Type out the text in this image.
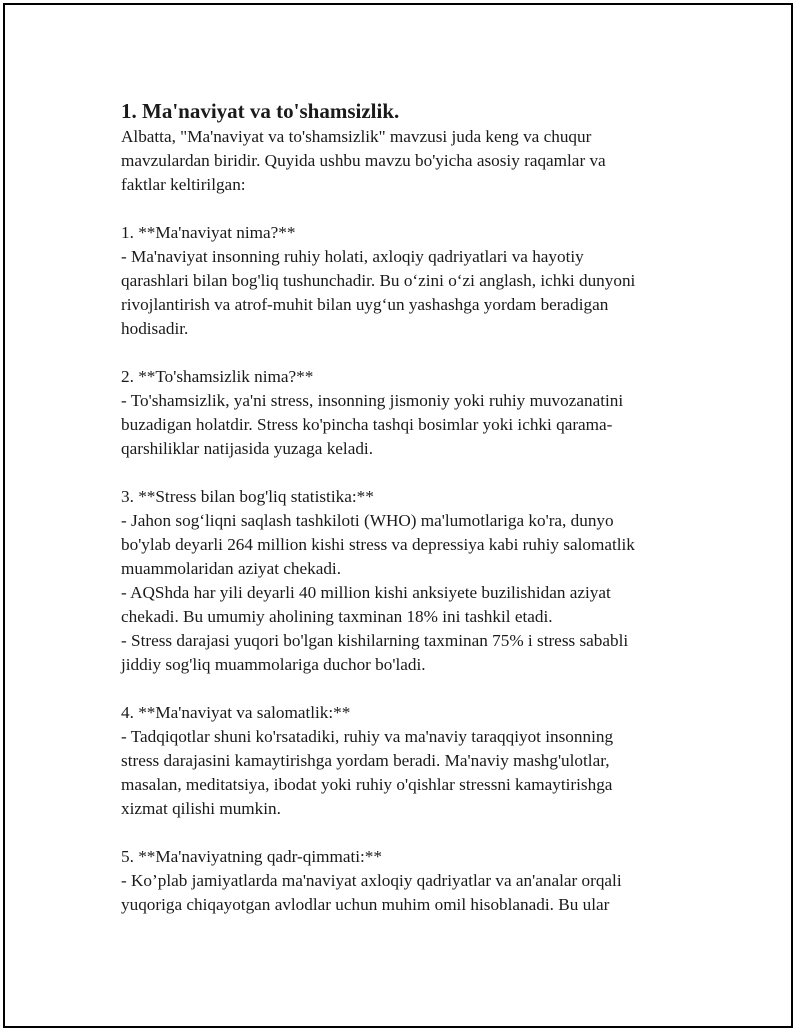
1. Ma'naviyat va to'shamsizlik.

Albatta, "Ma'naviyat va to'shamsizlik" mavzusi juda keng va chuqur
mavzulardan biridir. Quyida ushbu mavzu bo'yicha asosiy raqamlar va
faktlar keltirilgan:

1. **Ma'naviyat nima?**

- Ma'naviyat insonning ruhiy holati, axloqiy qadriyatlari va hayotiy
qarashlari bilan bog'liq tushunchadir. Bu o‘zini o‘zi anglash, ichki dunyoni
rivojlantirish va atrof-muhit bilan uyg‘un yashashga yordam beradigan
hodisadir.

2. **To'shamsizlik nima?**

- To'shamsizlik, ya'ni stress, insonning jismoniy yoki ruhiy muvozanatini
buzadigan holatdir. Stress ko'pincha tashqi bosimlar yoki ichki qarama-
qarshiliklar natijasida yuzaga keladi.

3. **Stress bilan bog'liq statistika:**

- Jahon sog‘liqni saqlash tashkiloti (WHO) ma'lumotlariga ko'ra, dunyo
bo'ylab deyarli 264 million kishi stress va depressiya kabi ruhiy salomatlik
muammolaridan aziyat chekadi.

- AQShda har yili deyarli 40 million kishi anksiyete buzilishidan aziyat
chekadi. Bu umumiy aholining taxminan 18% ini tashkil etadi.

- Stress darajasi yuqori bo'lgan kishilarning taxminan 75% i stress sababli
jiddiy sog'liq muammolariga duchor bo'ladi.

4. **Ma'naviyat va salomatlik:**

- Tadqiqotlar shuni ko'rsatadiki, ruhiy va ma'naviy taraqqiyot insonning
stress darajasini kamaytirishga yordam beradi. Ma'naviy mashg'ulotlar,
masalan, meditatsiya, ibodat yoki ruhiy o'qishlar stressni kamaytirishga
xizmat qilishi mumkin.

5. **Ma'naviyatning qadr-qimmati:**

- Ko’plab jamiyatlarda ma'naviyat axloqiy qadriyatlar va an'analar orqali
yuqoriga chiqayotgan avlodlar uchun muhim omil hisoblanadi. Bu ular
